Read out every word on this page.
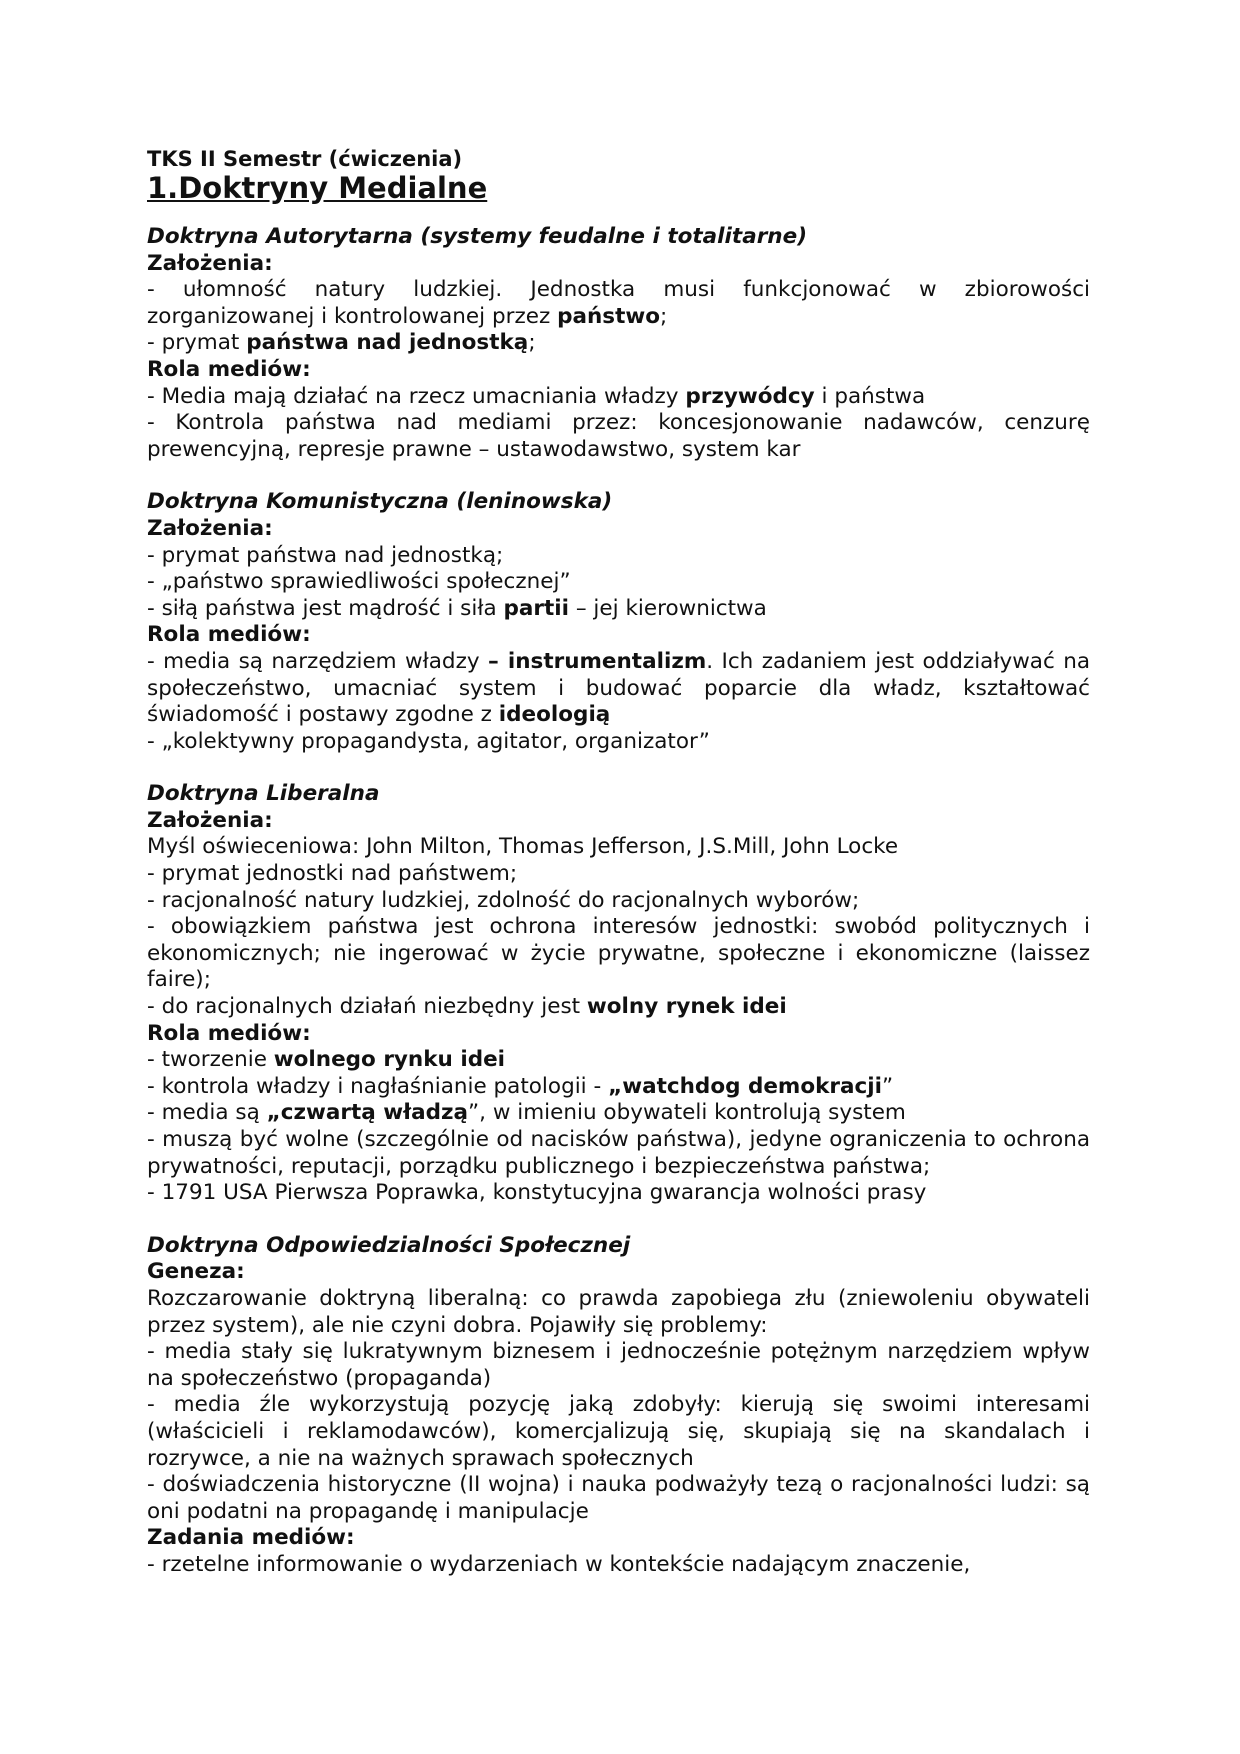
TKS II Semestr (ćwiczenia)

1.Doktryny Medialne

Doktryna Autorytarna (systemy feudalne i totalitarne)

Założenia:

- ułomność natury ludzkiej. Jednostka musi funkcjonować w zbiorowości zorganizowanej i kontrolowanej przez państwo;

- prymat państwa nad jednostką;

Rola mediów:

- Media mają działać na rzecz umacniania władzy przywódcy i państwa

- Kontrola państwa nad mediami przez: koncesjonowanie nadawców, cenzurę prewencyjną, represje prawne – ustawodawstwo, system kar

Doktryna Komunistyczna (leninowska)

Założenia:

- prymat państwa nad jednostką;

- „państwo sprawiedliwości społecznej”

- siłą państwa jest mądrość i siła partii – jej kierownictwa

Rola mediów:

- media są narzędziem władzy – instrumentalizm. Ich zadaniem jest oddziaływać na społeczeństwo, umacniać system i budować poparcie dla władz, kształtować świadomość i postawy zgodne z ideologią

- „kolektywny propagandysta, agitator, organizator”

Doktryna Liberalna

Założenia:

Myśl oświeceniowa: John Milton, Thomas Jefferson, J.S.Mill, John Locke

- prymat jednostki nad państwem;

- racjonalność natury ludzkiej, zdolność do racjonalnych wyborów;

- obowiązkiem państwa jest ochrona interesów jednostki: swobód politycznych i ekonomicznych; nie ingerować w życie prywatne, społeczne i ekonomiczne (laissez faire);

- do racjonalnych działań niezbędny jest wolny rynek idei

Rola mediów:

- tworzenie wolnego rynku idei

- kontrola władzy i nagłaśnianie patologii - „watchdog demokracji”

- media są „czwartą władzą”, w imieniu obywateli kontrolują system

- muszą być wolne (szczególnie od nacisków państwa), jedyne ograniczenia to ochrona prywatności, reputacji, porządku publicznego i bezpieczeństwa państwa;

- 1791 USA Pierwsza Poprawka, konstytucyjna gwarancja wolności prasy

Doktryna Odpowiedzialności Społecznej

Geneza:

Rozczarowanie doktryną liberalną: co prawda zapobiega złu (zniewoleniu obywateli przez system), ale nie czyni dobra. Pojawiły się problemy:

- media stały się lukratywnym biznesem i jednocześnie potężnym narzędziem wpływ na społeczeństwo (propaganda)

- media źle wykorzystują pozycję jaką zdobyły: kierują się swoimi interesami (właścicieli i reklamodawców), komercjalizują się, skupiają się na skandalach i rozrywce, a nie na ważnych sprawach społecznych

- doświadczenia historyczne (II wojna) i nauka podważyły tezą o racjonalności ludzi: są oni podatni na propagandę i manipulacje

Zadania mediów:

- rzetelne informowanie o wydarzeniach w kontekście nadającym znaczenie,
